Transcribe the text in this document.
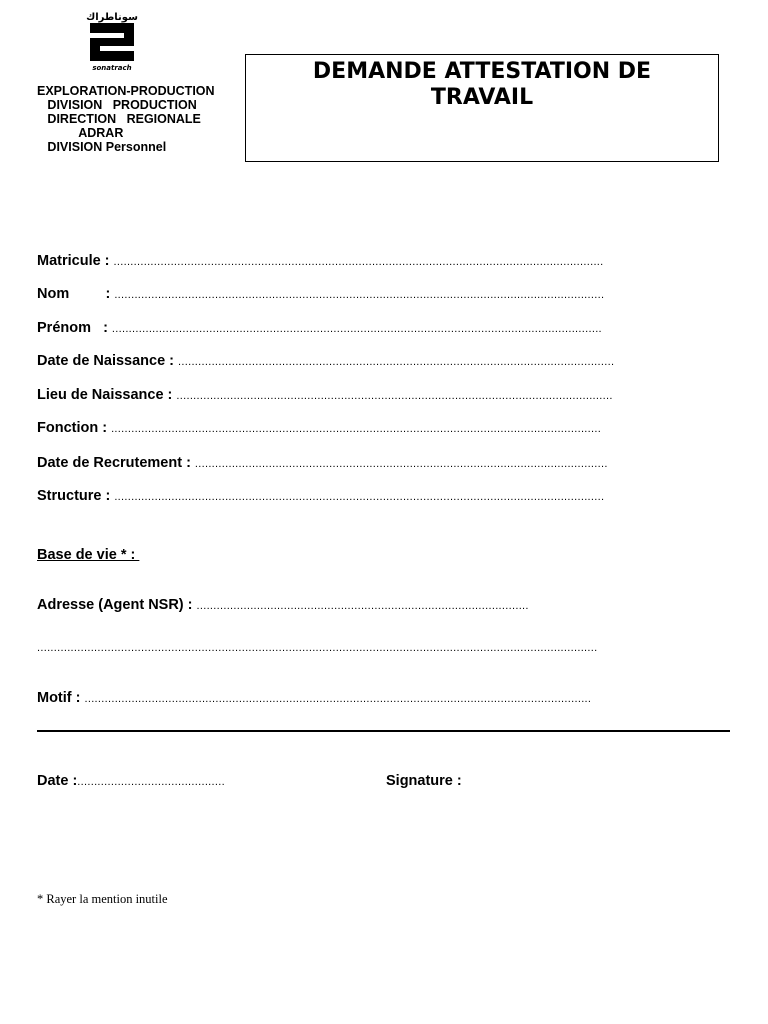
سوناطراك
sonatrach
EXPLORATION-PRODUCTION
DIVISION   PRODUCTION
DIRECTION   REGIONALE
ADRAR
DIVISION Personnel
DEMANDE ATTESTATION DE TRAVAIL
Matricule : ..................................................................................................................................................
Nom         : ..................................................................................................................................................
Prénom   : ..................................................................................................................................................
Date de Naissance : ..................................................................................................................................
Lieu de Naissance : ..................................................................................................................................
Fonction : ..................................................................................................................................................
Date de Recrutement : ...........................................................................................................................
Structure : ..................................................................................................................................................
Base de vie * :
Adresse (Agent NSR) : ...................................................................................................
.......................................................................................................................................................................
Motif : .......................................................................................................................................................
Date : ............................................	Signature :
* Rayer la mention inutile
